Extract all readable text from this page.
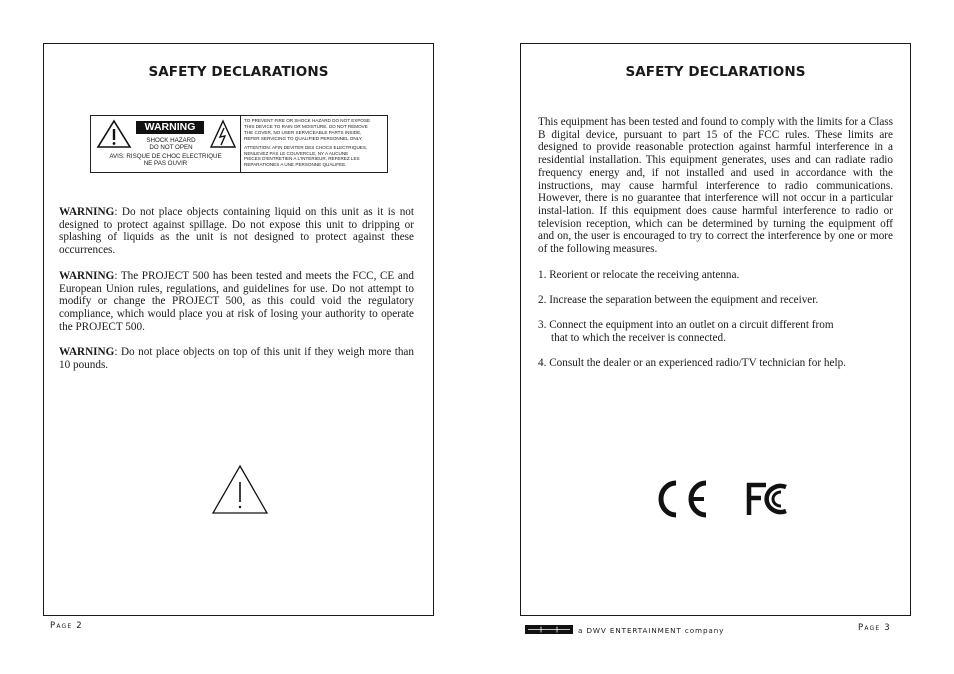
SAFETY DECLARATIONS
WARNING
SHOCK HAZARD
DO NOT OPEN
AVIS: RISQUE DE CHOC ELECTRIQUE
NE PAS OUVIR
TO PREVENT FIRE OR SHOCK HAZARD DO NOT EXPOSE
THIS DEVICE TO RAIN OR MOISTURE. DO NOT REMOVE
THE COVER, NO USER SERVICEABLE PARTS INSIDE,
REFER SERVICING TO QUALIFIED PERSONNEL ONLY.
ATTENTION: AFIN DEVITER DES CHOCS ELECTRIQUES,
NENLEVEZ PAS LE COUVERCLE, NY A AUCUNE
PIECES D'ENTRETIEN A L'INTERIEUR, REFEREZ LES
REPARATIONES A UNE PERSONNE QUALIFEE.

WARNING: Do not place objects containing liquid on this unit as it is not designed to protect against spillage. Do not expose this unit to dripping or splashing of liquids as the unit is not designed to protect against these occurrences.

WARNING: The PROJECT 500 has been tested and meets the FCC, CE and European Union rules, regulations, and guidelines for use. Do not attempt to modify or change the PROJECT 500, as this could void the regulatory compliance, which would place you at risk of losing your authority to operate the PROJECT 500.

WARNING: Do not place objects on top of this unit if they weigh more than 10 pounds.

SAFETY DECLARATIONS

This equipment has been tested and found to comply with the limits for a Class B digital device, pursuant to part 15 of the FCC rules. These limits are designed to provide reasonable protection against harmful interference in a residential installation. This equipment generates, uses and can radiate radio frequency energy and, if not installed and used in accordance with the instructions, may cause harmful interference to radio communications. However, there is no guarantee that interference will not occur in a particular instal-lation. If this equipment does cause harmful interference to radio or television reception, which can be determined by turning the equipment off and on, the user is encouraged to try to correct the interference by one or more of the following measures.

1. Reorient or relocate the receiving antenna.
2. Increase the separation between the equipment and receiver.
3. Connect the equipment into an outlet on a circuit different from
that to which the receiver is connected.
4. Consult the dealer or an experienced radio/TV technician for help.
Page 2	a DWV ENTERTAINMENT company	Page 3
